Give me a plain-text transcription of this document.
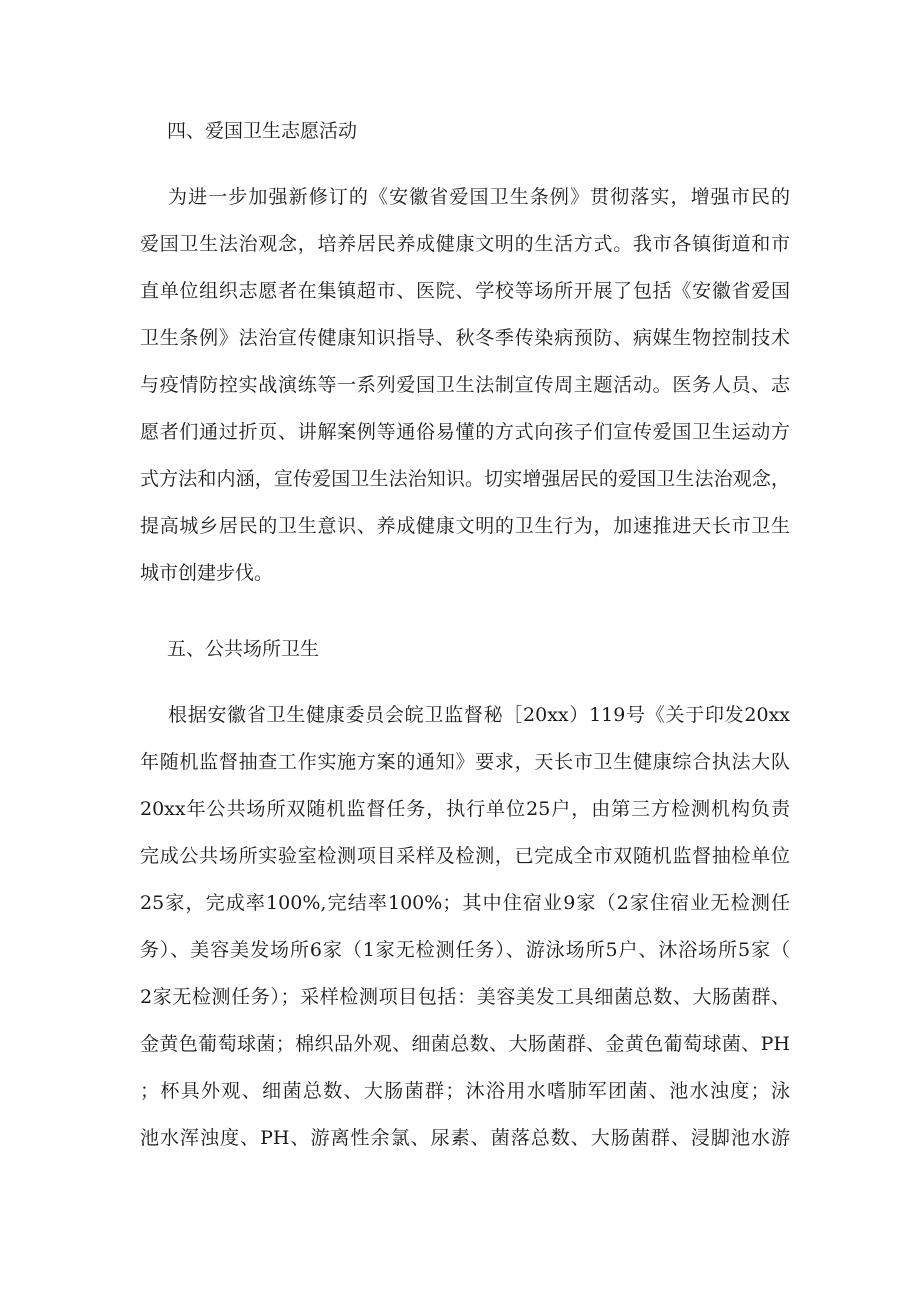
四、爱国卫生志愿活动
为进一步加强新修订的《安徽省爱国卫生条例》贯彻落实，增强市民的
爱国卫生法治观念，培养居民养成健康文明的生活方式。我市各镇街道和市
直单位组织志愿者在集镇超市、医院、学校等场所开展了包括《安徽省爱国
卫生条例》法治宣传健康知识指导、秋冬季传染病预防、病媒生物控制技术
与疫情防控实战演练等一系列爱国卫生法制宣传周主题活动。医务人员、志
愿者们通过折页、讲解案例等通俗易懂的方式向孩子们宣传爱国卫生运动方
式方法和内涵，宣传爱国卫生法治知识。切实增强居民的爱国卫生法治观念，
提高城乡居民的卫生意识、养成健康文明的卫生行为，加速推进天长市卫生
城市创建步伐。
五、公共场所卫生
根据安徽省卫生健康委员会皖卫监督秘［20xx）119号《关于印发20xx
年随机监督抽查工作实施方案的通知》要求，天长市卫生健康综合执法大队
20xx年公共场所双随机监督任务，执行单位25户，由第三方检测机构负责
完成公共场所实验室检测项目采样及检测，已完成全市双随机监督抽检单位
25家，完成率100%,完结率100%；其中住宿业9家（2家住宿业无检测任
务）、美容美发场所6家（1家无检测任务）、游泳场所5户、沐浴场所5家（
2家无检测任务）；采样检测项目包括：美容美发工具细菌总数、大肠菌群、
金黄色葡萄球菌；棉织品外观、细菌总数、大肠菌群、金黄色葡萄球菌、PH
；杯具外观、细菌总数、大肠菌群；沐浴用水嗜肺军团菌、池水浊度；泳
池水浑浊度、PH、游离性余氯、尿素、菌落总数、大肠菌群、浸脚池水游
